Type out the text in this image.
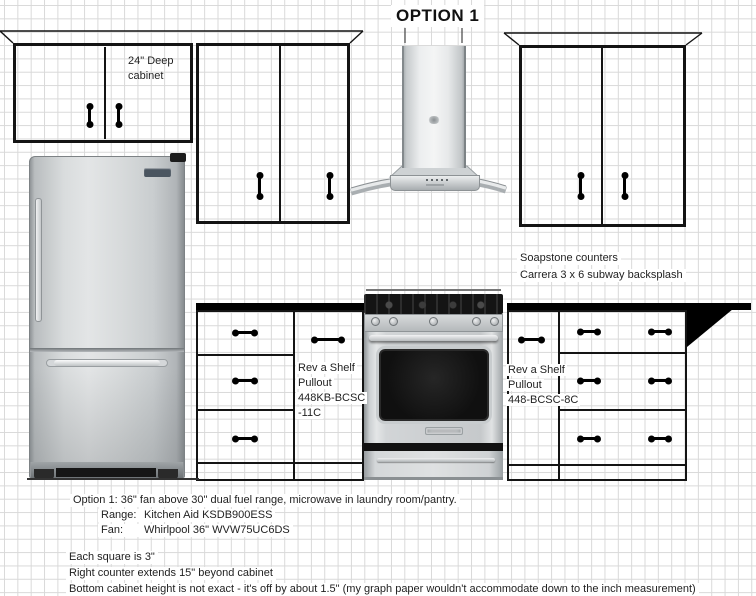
OPTION 1
24" Deep
cabinet
Soapstone counters
Carrera 3 x 6 subway backsplash
Rev a Shelf
Pullout
448KB-BCSC
-11C
Rev a Shelf
Pullout
448-BCSC-8C
Option 1: 36" fan above 30" dual fuel range, microwave in laundry room/pantry.
Range: Kitchen Aid KSDB900ESS
Fan: Whirlpool 36" WVW75UC6DS
Each square is 3"
Right counter extends 15" beyond cabinet
Bottom cabinet height is not exact - it's off by about 1.5" (my graph paper wouldn't accommodate down to the inch measurement)
